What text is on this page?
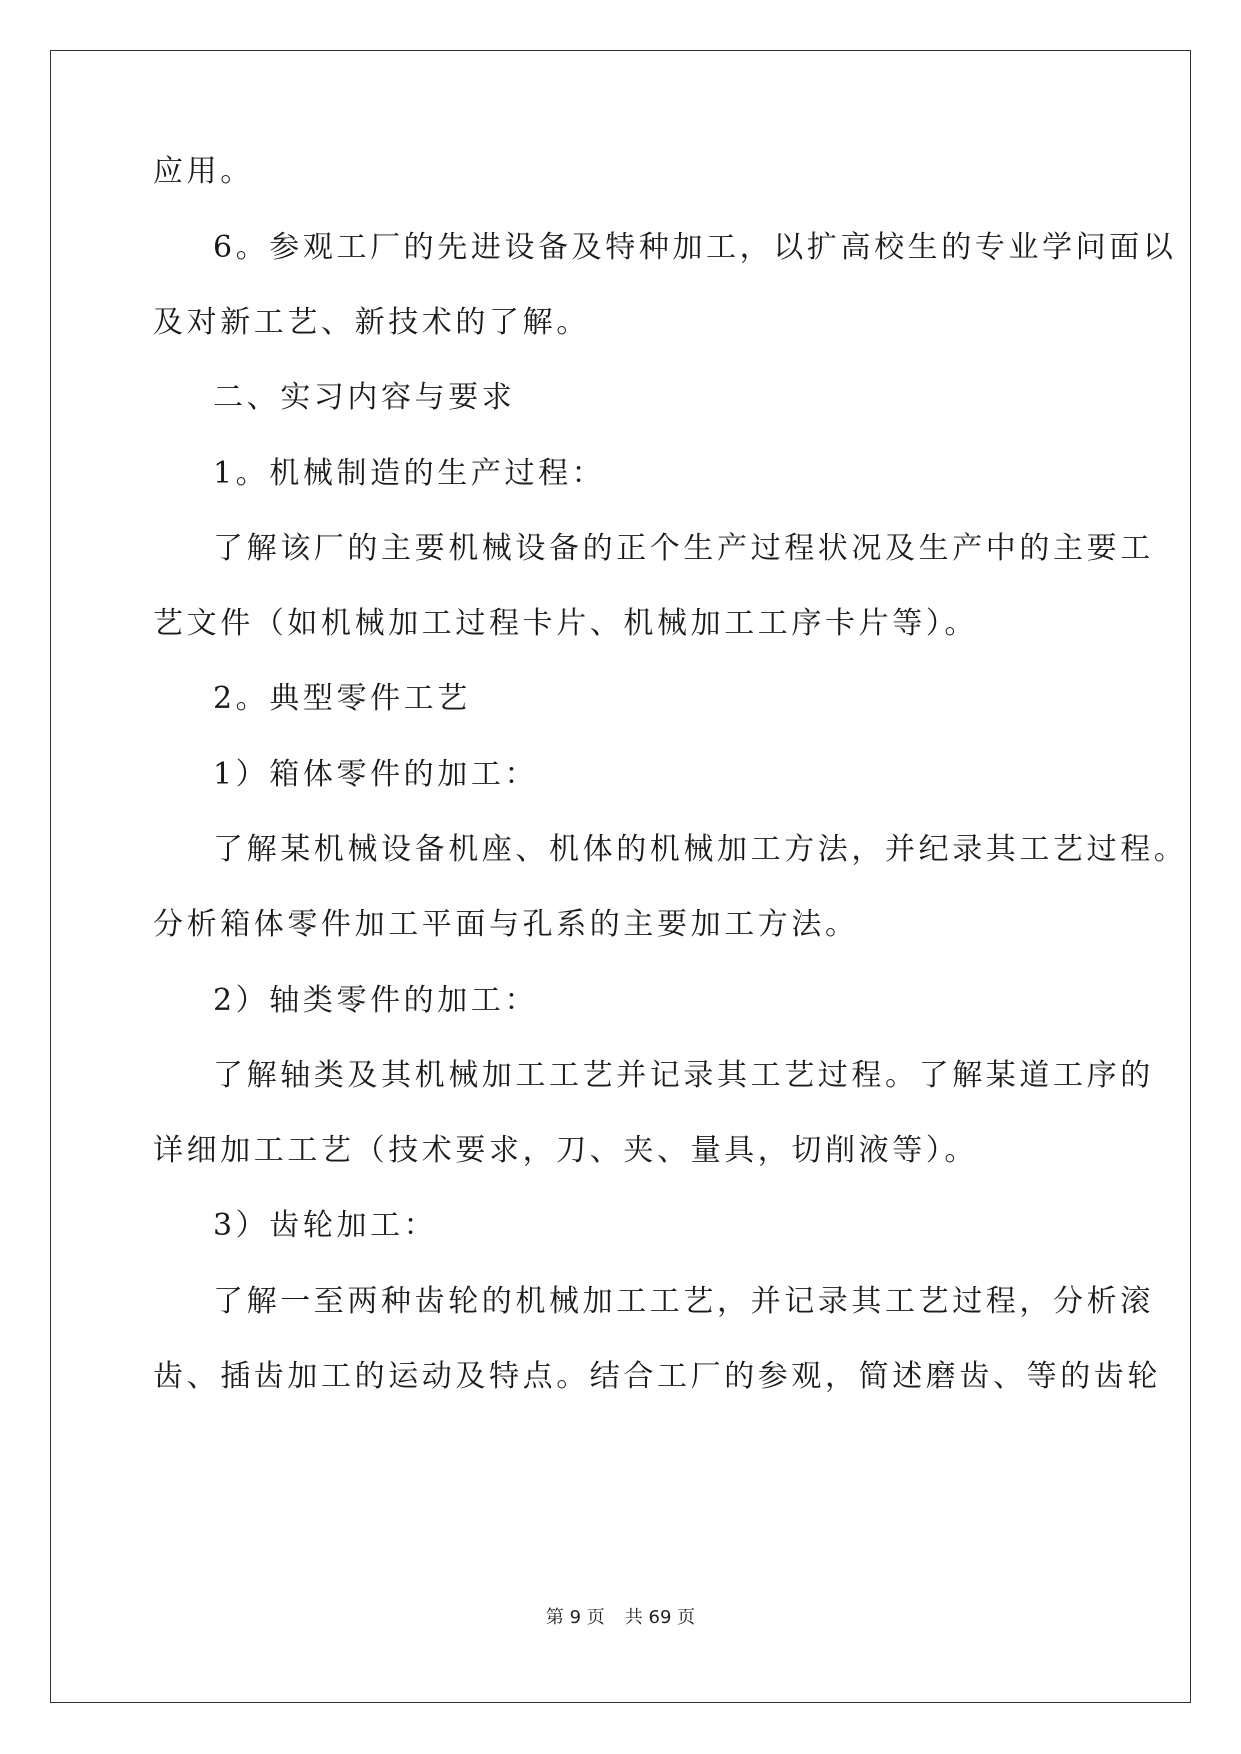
应用。
6。参观工厂的先进设备及特种加工，以扩高校生的专业学问面以
及对新工艺、新技术的了解。
二、实习内容与要求
1。机械制造的生产过程：
了解该厂的主要机械设备的正个生产过程状况及生产中的主要工
艺文件（如机械加工过程卡片、机械加工工序卡片等）。
2。典型零件工艺
1）箱体零件的加工：
了解某机械设备机座、机体的机械加工方法，并纪录其工艺过程。
分析箱体零件加工平面与孔系的主要加工方法。
2）轴类零件的加工：
了解轴类及其机械加工工艺并记录其工艺过程。了解某道工序的
详细加工工艺（技术要求，刀、夹、量具，切削液等）。
3）齿轮加工：
了解一至两种齿轮的机械加工工艺，并记录其工艺过程，分析滚
齿、插齿加工的运动及特点。结合工厂的参观，简述磨齿、等的齿轮
第 9 页 共 69 页
